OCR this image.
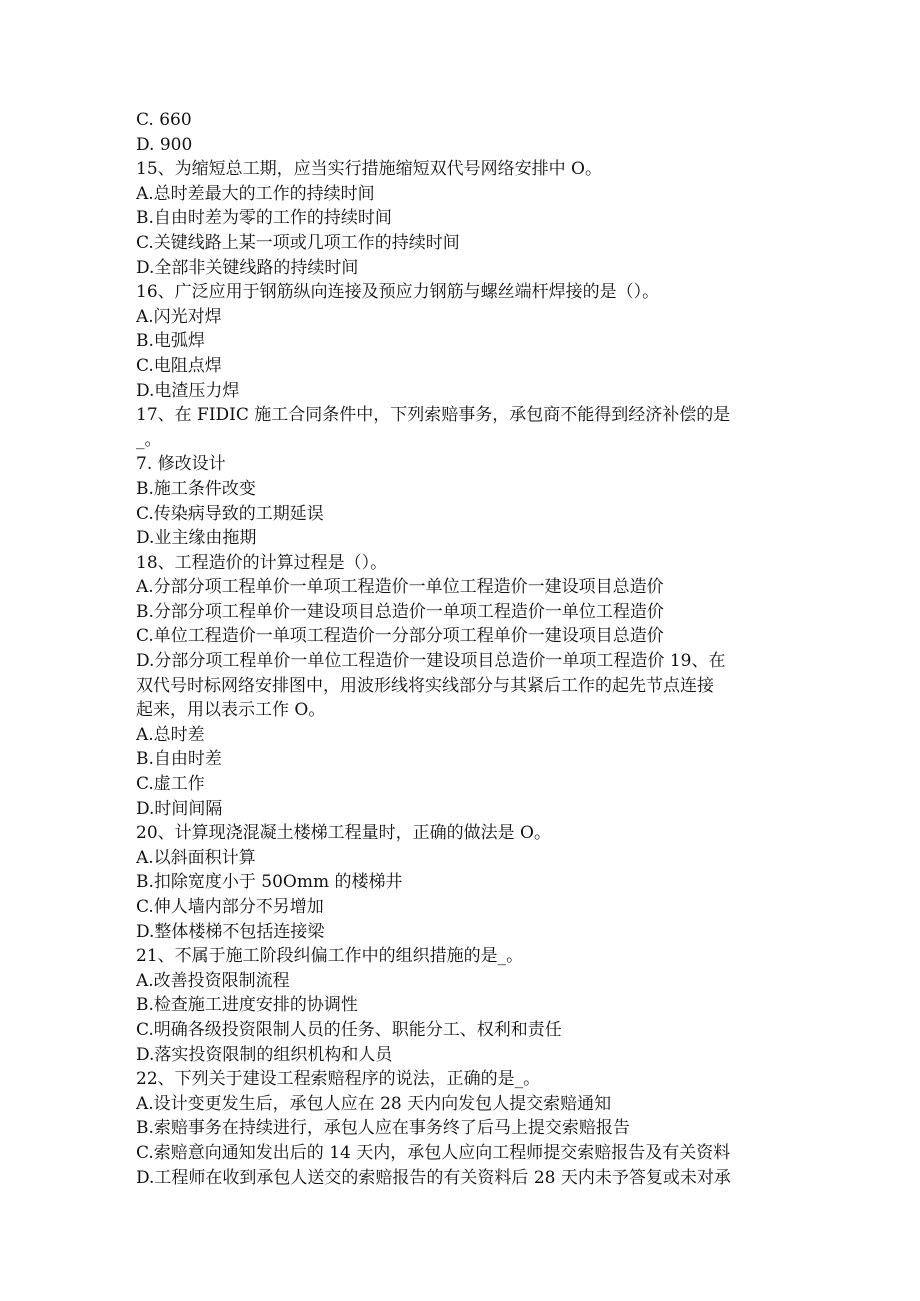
C. 660
D. 900
15、为缩短总工期，应当实行措施缩短双代号网络安排中 O。
A.总时差最大的工作的持续时间
B.自由时差为零的工作的持续时间
C.关键线路上某一项或几项工作的持续时间
D.全部非关键线路的持续时间
16、广泛应用于钢筋纵向连接及预应力钢筋与螺丝端杆焊接的是（）。
A.闪光对焊
B.电弧焊
C.电阻点焊
D.电渣压力焊
17、在 FIDIC 施工合同条件中，下列索赔事务，承包商不能得到经济补偿的是
_。
7. 修改设计
B.施工条件改变
C.传染病导致的工期延误
D.业主缘由拖期
18、工程造价的计算过程是（）。
A.分部分项工程单价一单项工程造价一单位工程造价一建设项目总造价
B.分部分项工程单价一建设项目总造价一单项工程造价一单位工程造价
C.单位工程造价一单项工程造价一分部分项工程单价一建设项目总造价
D.分部分项工程单价一单位工程造价一建设项目总造价一单项工程造价 19、在
双代号时标网络安排图中，用波形线将实线部分与其紧后工作的起先节点连接
起来，用以表示工作 O。
A.总时差
B.自由时差
C.虚工作
D.时间间隔
20、计算现浇混凝土楼梯工程量时，正确的做法是 O。
A.以斜面积计算
B.扣除宽度小于 50Omm 的楼梯井
C.伸人墙内部分不另增加
D.整体楼梯不包括连接梁
21、不属于施工阶段纠偏工作中的组织措施的是_。
A.改善投资限制流程
B.检查施工进度安排的协调性
C.明确各级投资限制人员的任务、职能分工、权利和责任
D.落实投资限制的组织机构和人员
22、下列关于建设工程索赔程序的说法，正确的是_。
A.设计变更发生后，承包人应在 28 天内向发包人提交索赔通知
B.索赔事务在持续进行，承包人应在事务终了后马上提交索赔报告
C.索赔意向通知发出后的 14 天内，承包人应向工程师提交索赔报告及有关资料
D.工程师在收到承包人送交的索赔报告的有关资料后 28 天内未予答复或未对承
